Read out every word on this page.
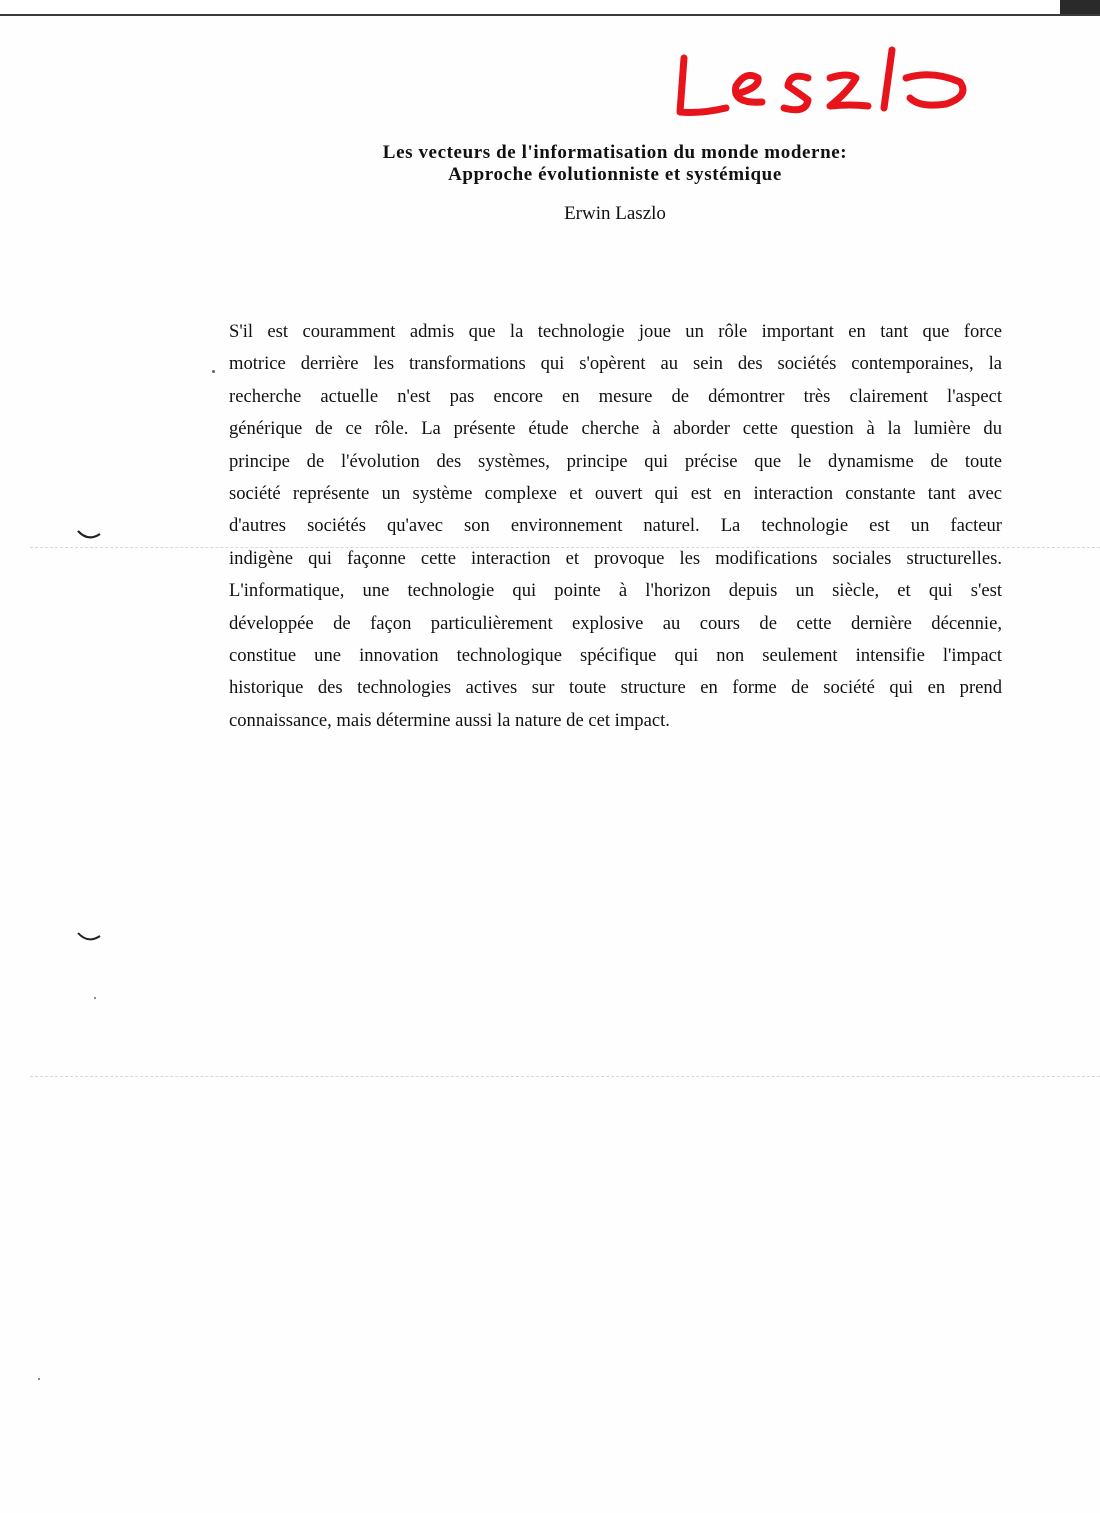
Les vecteurs de l'informatisation du monde moderne:
Approche évolutionniste et systémique
Erwin Laszlo
S'il est couramment admis que la technologie joue un rôle important en tant que force
motrice derrière les transformations qui s'opèrent au sein des sociétés contemporaines, la
recherche actuelle n'est pas encore en mesure de démontrer très clairement l'aspect
générique de ce rôle. La présente étude cherche à aborder cette question à la lumière du
principe de l'évolution des systèmes, principe qui précise que le dynamisme de toute
société représente un système complexe et ouvert qui est en interaction constante tant avec
d'autres sociétés qu'avec son environnement naturel. La technologie est un facteur
indigène qui façonne cette interaction et provoque les modifications sociales structurelles.
L'informatique, une technologie qui pointe à l'horizon depuis un siècle, et qui s'est
développée de façon particulièrement explosive au cours de cette dernière décennie,
constitue une innovation technologique spécifique qui non seulement intensifie l'impact
historique des technologies actives sur toute structure en forme de société qui en prend
connaissance, mais détermine aussi la nature de cet impact.
